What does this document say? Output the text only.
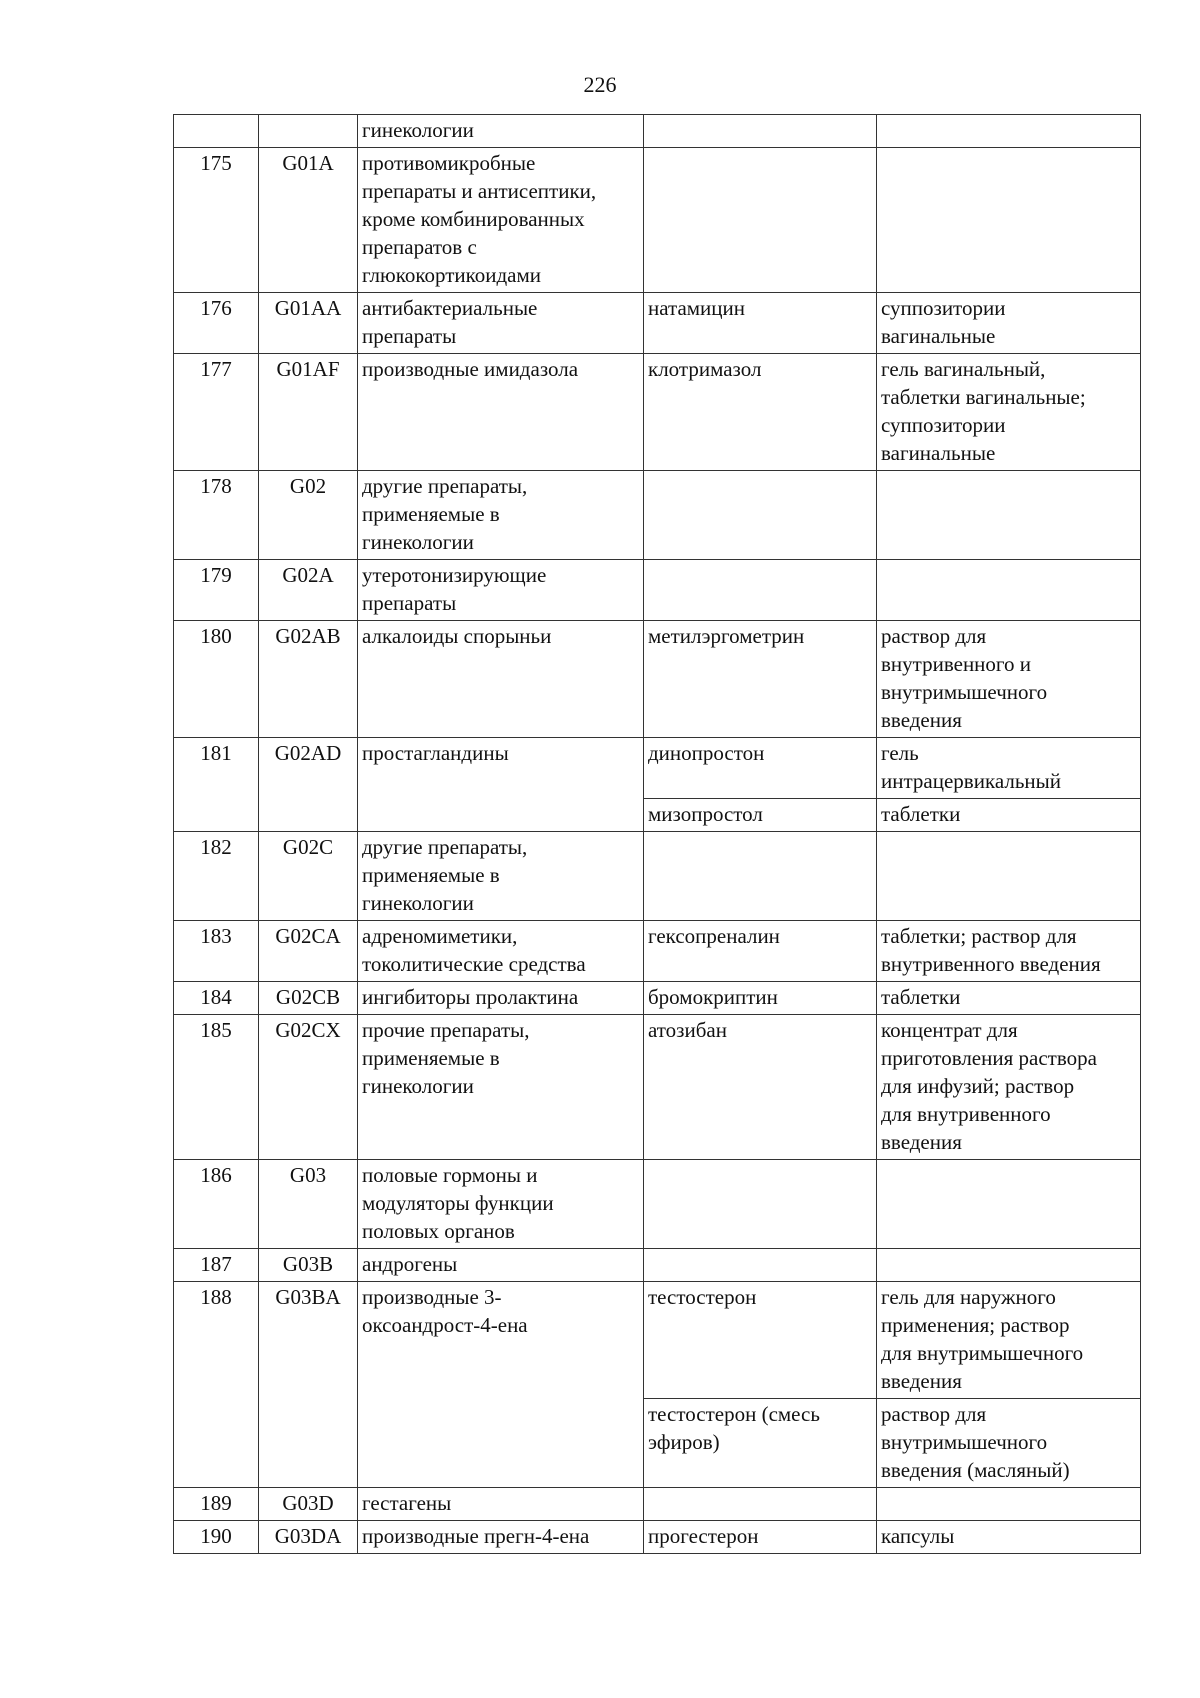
226

		гинекологии		

175	G01A	противомикробные
препараты и антисептики,
кроме комбинированных
препаратов с
глюкокортикоидами		

176	G01AA	антибактериальные
препараты	натамицин	суппозитории
вагинальные

177	G01AF	производные имидазола	клотримазол	гель вагинальный,
таблетки вагинальные;
суппозитории
вагинальные

178	G02	другие препараты,
применяемые в
гинекологии		

179	G02A	утеротонизирующие
препараты		

180	G02AB	алкалоиды спорыньи	метилэргометрин	раствор для
внутривенного и
внутримышечного
введения

181	G02AD	простагландины	динопростон	гель
интрацервикальный

			мизопростол	таблетки

182	G02C	другие препараты,
применяемые в
гинекологии		

183	G02CA	адреномиметики,
токолитические средства	гексопреналин	таблетки; раствор для
внутривенного введения

184	G02CB	ингибиторы пролактина	бромокриптин	таблетки

185	G02CX	прочие препараты,
применяемые в
гинекологии	атозибан	концентрат для
приготовления раствора
для инфузий; раствор
для внутривенного
введения

186	G03	половые гормоны и
модуляторы функции
половых органов		

187	G03B	андрогены		

188	G03BA	производные 3-
оксоандрост-4-ена	тестостерон	гель для наружного
применения; раствор
для внутримышечного
введения

			тестостерон (смесь
эфиров)	раствор для
внутримышечного
введения (масляный)

189	G03D	гестагены		

190	G03DA	производные прегн-4-ена	прогестерон	капсулы
